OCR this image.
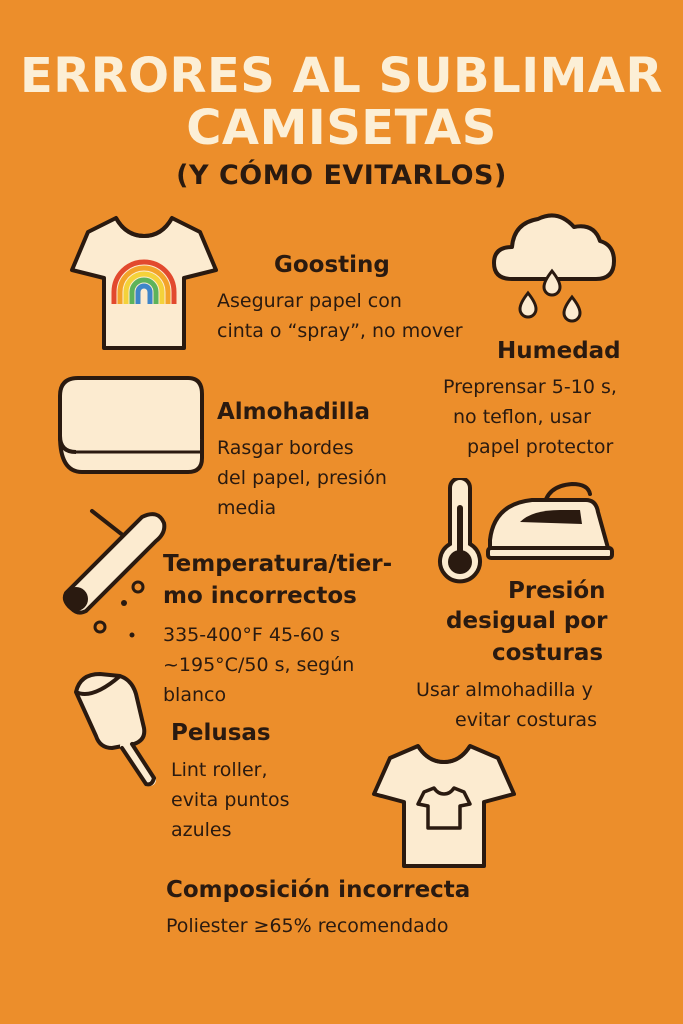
ERRORES AL SUBLIMAR
CAMISETAS
(Y CÓMO EVITARLOS)
Goosting
Asegurar papel con
cinta o “spray”, no mover
Humedad
Preprensar 5-10 s,
no teflon, usar
papel protector
Almohadilla
Rasgar bordes
del papel, presión
media
Temperatura/tier-
mo incorrectos
335-400°F 45-60 s
~195°C/50 s, según
blanco
Presión
desigual por
costuras
Usar almohadilla y
evitar costuras
Pelusas
Lint roller,
evita puntos
azules
Composición incorrecta
Poliester ≥65% recomendado
